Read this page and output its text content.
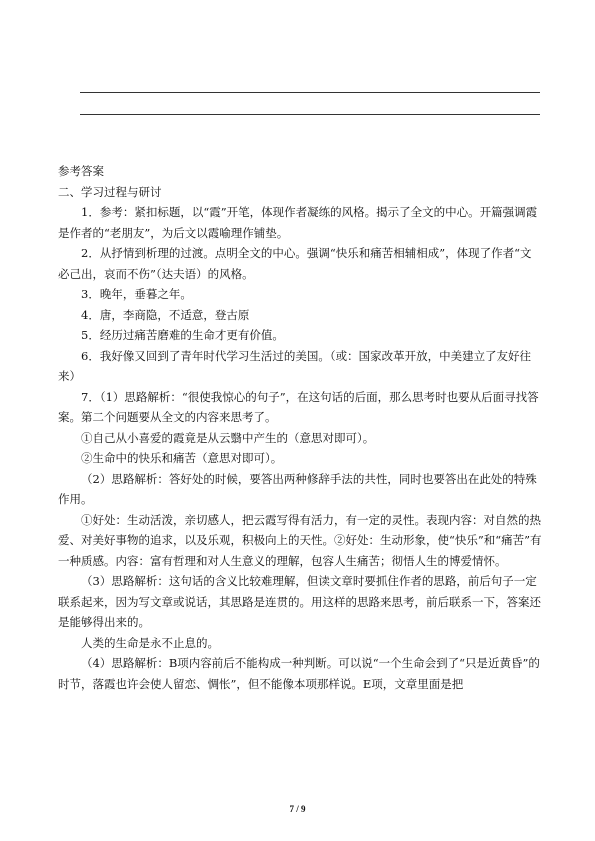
参考答案

二、学习过程与研讨

1．参考：紧扣标题，以“霞”开笔，体现作者凝练的风格。揭示了全文的中心。开篇强调霞是作者的“老朋友”，为后文以霞喻理作铺垫。

2．从抒情到析理的过渡。点明全文的中心。强调“快乐和痛苦相辅相成”，体现了作者“文必己出，哀而不伤”（达夫语）的风格。

3．晚年，垂暮之年。

4．唐，李商隐，不适意，登古原

5．经历过痛苦磨难的生命才更有价值。

6．我好像又回到了青年时代学习生活过的美国。（或：国家改革开放，中美建立了友好往来）

7．（1）思路解析：“很使我惊心的句子”，在这句话的后面，那么思考时也要从后面寻找答案。第二个问题要从全文的内容来思考了。

①自己从小喜爱的霞竟是从云翳中产生的（意思对即可）。

②生命中的快乐和痛苦（意思对即可）。

（2）思路解析：答好处的时候，要答出两种修辞手法的共性，同时也要答出在此处的特殊作用。

①好处：生动活泼，亲切感人，把云霞写得有活力，有一定的灵性。表现内容：对自然的热爱、对美好事物的追求，以及乐观，积极向上的天性。②好处：生动形象，使“快乐”和“痛苦”有一种质感。内容：富有哲理和对人生意义的理解，包容人生痛苦；彻悟人生的博爱情怀。

（3）思路解析：这句话的含义比较难理解，但读文章时要抓住作者的思路，前后句子一定联系起来，因为写文章或说话，其思路是连贯的。用这样的思路来思考，前后联系一下，答案还是能够得出来的。

人类的生命是永不止息的。

（4）思路解析：B项内容前后不能构成一种判断。可以说“一个生命会到了“只是近黄昏”的时节，落霞也许会使人留恋、惆怅”，但不能像本项那样说。E项，文章里面是把

7 / 9
